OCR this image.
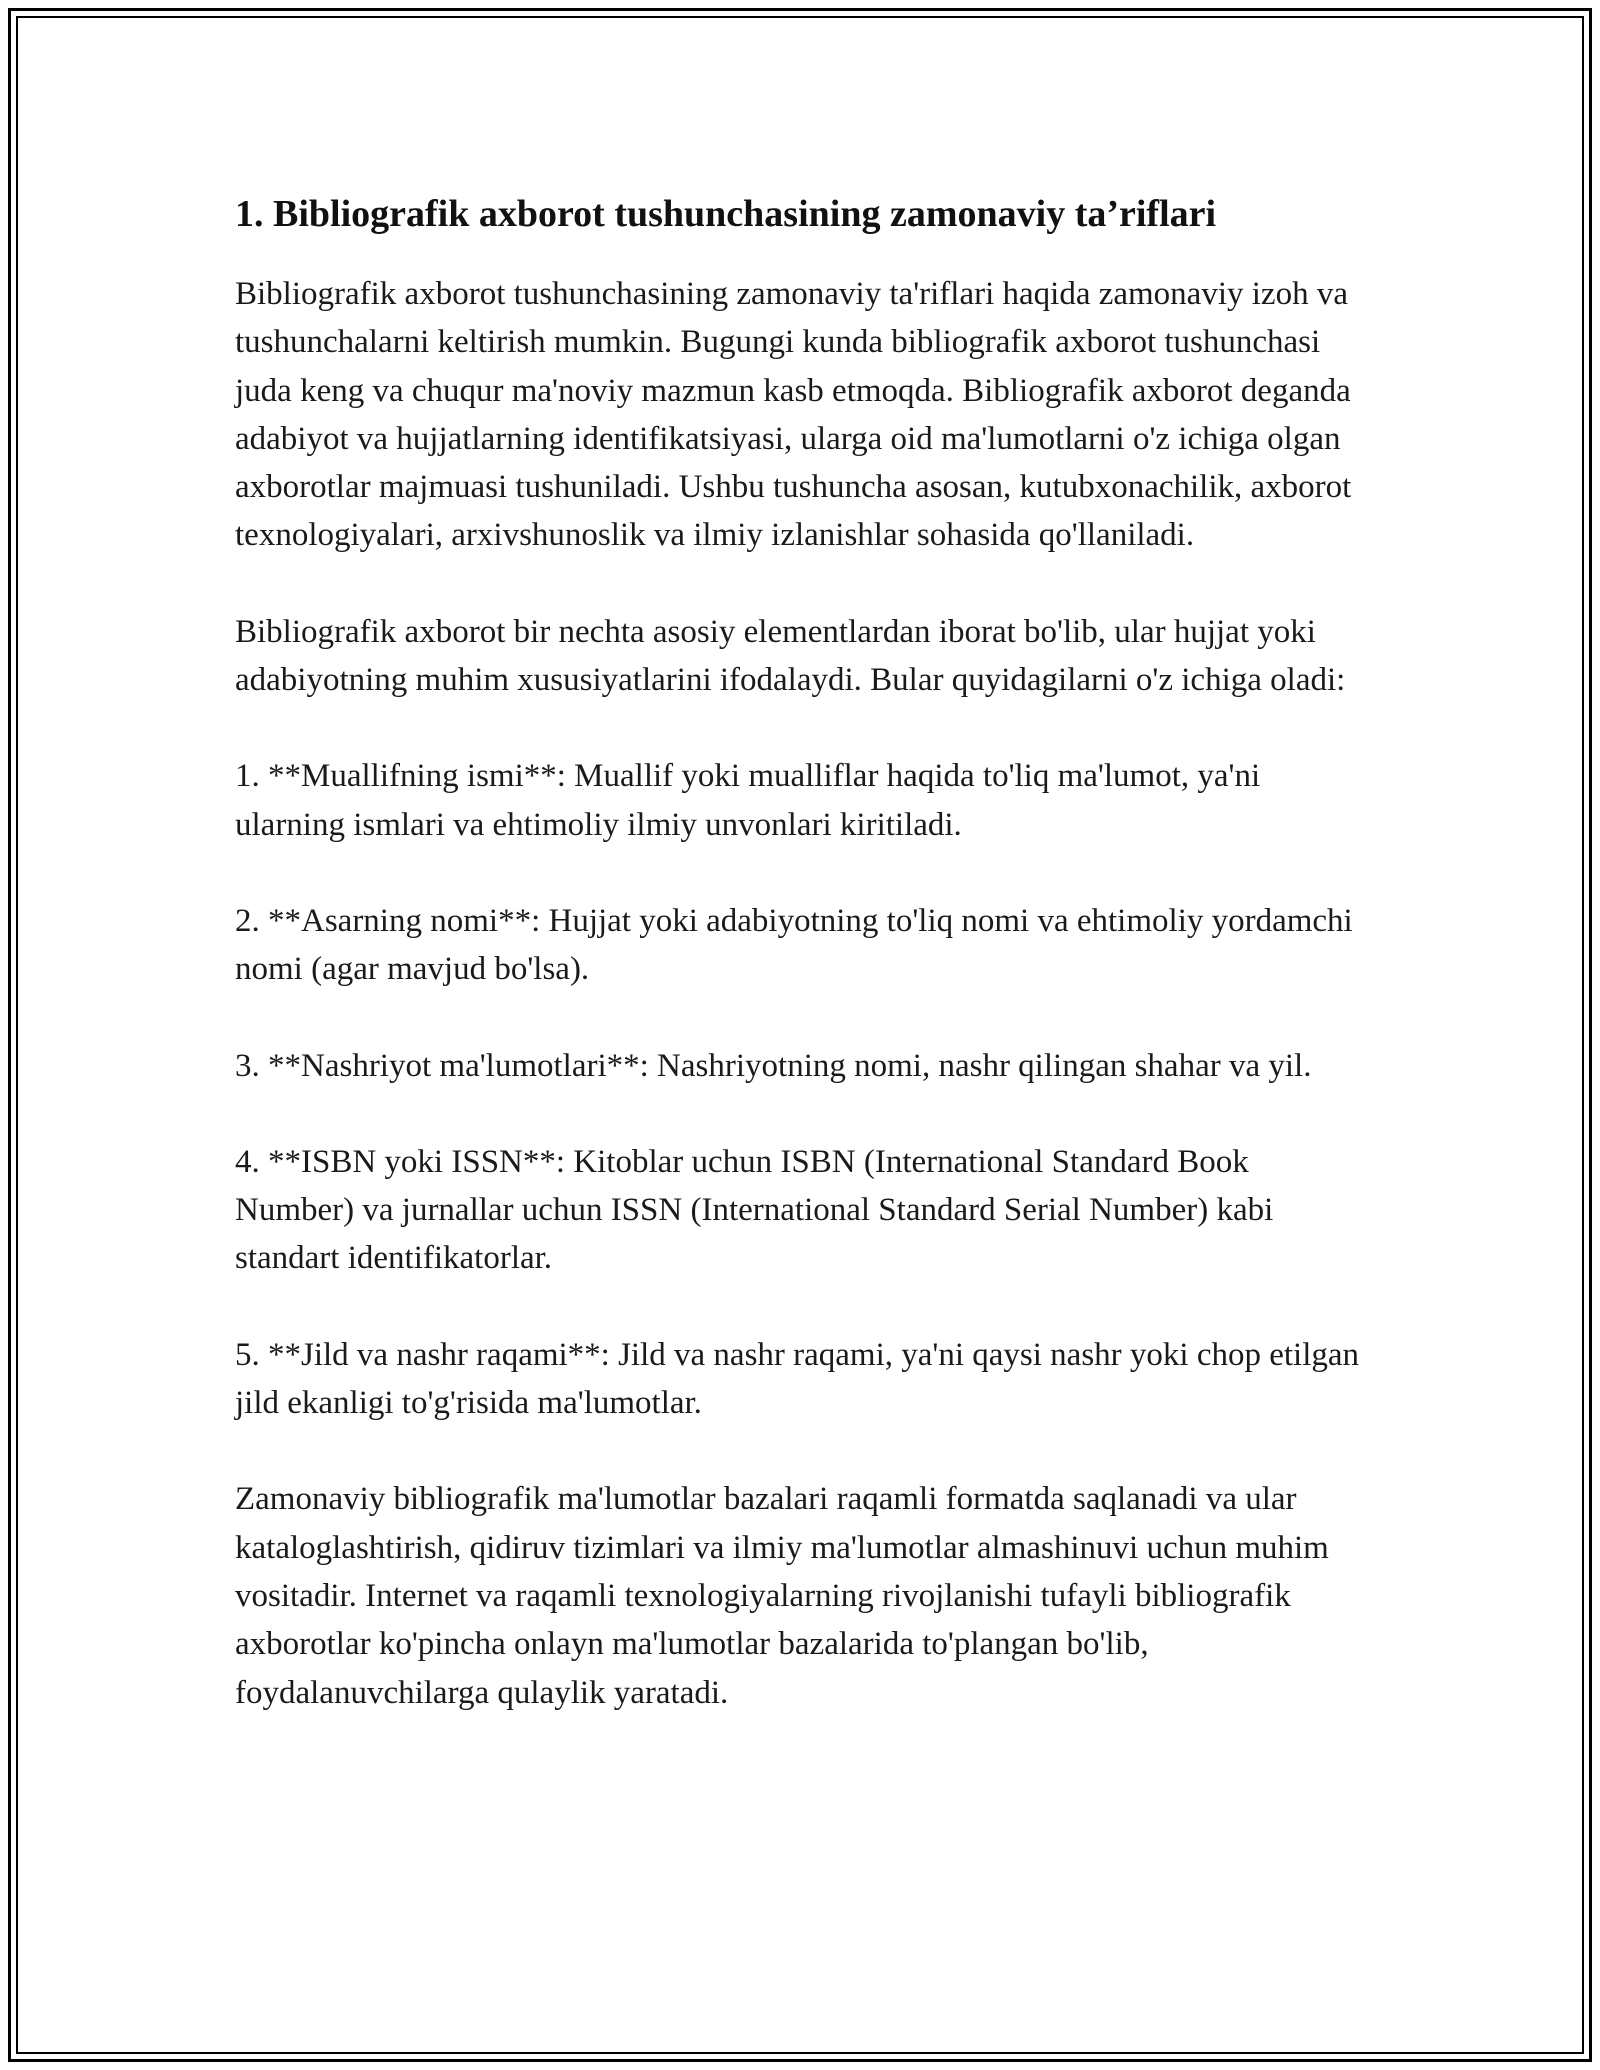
1. Bibliografik axborot tushunchasining zamonaviy ta’riflari

Bibliografik axborot tushunchasining zamonaviy ta'riflari haqida zamonaviy izoh va tushunchalarni keltirish mumkin. Bugungi kunda bibliografik axborot tushunchasi juda keng va chuqur ma'noviy mazmun kasb etmoqda. Bibliografik axborot deganda adabiyot va hujjatlarning identifikatsiyasi, ularga oid ma'lumotlarni o'z ichiga olgan axborotlar majmuasi tushuniladi. Ushbu tushuncha asosan, kutubxonachilik, axborot texnologiyalari, arxivshunoslik va ilmiy izlanishlar sohasida qo'llaniladi.

Bibliografik axborot bir nechta asosiy elementlardan iborat bo'lib, ular hujjat yoki adabiyotning muhim xususiyatlarini ifodalaydi. Bular quyidagilarni o'z ichiga oladi:

1. **Muallifning ismi**: Muallif yoki mualliflar haqida to'liq ma'lumot, ya'ni ularning ismlari va ehtimoliy ilmiy unvonlari kiritiladi.

2. **Asarning nomi**: Hujjat yoki adabiyotning to'liq nomi va ehtimoliy yordamchi nomi (agar mavjud bo'lsa).

3. **Nashriyot ma'lumotlari**: Nashriyotning nomi, nashr qilingan shahar va yil.

4. **ISBN yoki ISSN**: Kitoblar uchun ISBN (International Standard Book Number) va jurnallar uchun ISSN (International Standard Serial Number) kabi standart identifikatorlar.

5. **Jild va nashr raqami**: Jild va nashr raqami, ya'ni qaysi nashr yoki chop etilgan jild ekanligi to'g'risida ma'lumotlar.

Zamonaviy bibliografik ma'lumotlar bazalari raqamli formatda saqlanadi va ular kataloglashtirish, qidiruv tizimlari va ilmiy ma'lumotlar almashinuvi uchun muhim vositadir. Internet va raqamli texnologiyalarning rivojlanishi tufayli bibliografik axborotlar ko'pincha onlayn ma'lumotlar bazalarida to'plangan bo'lib, foydalanuvchilarga qulaylik yaratadi.
